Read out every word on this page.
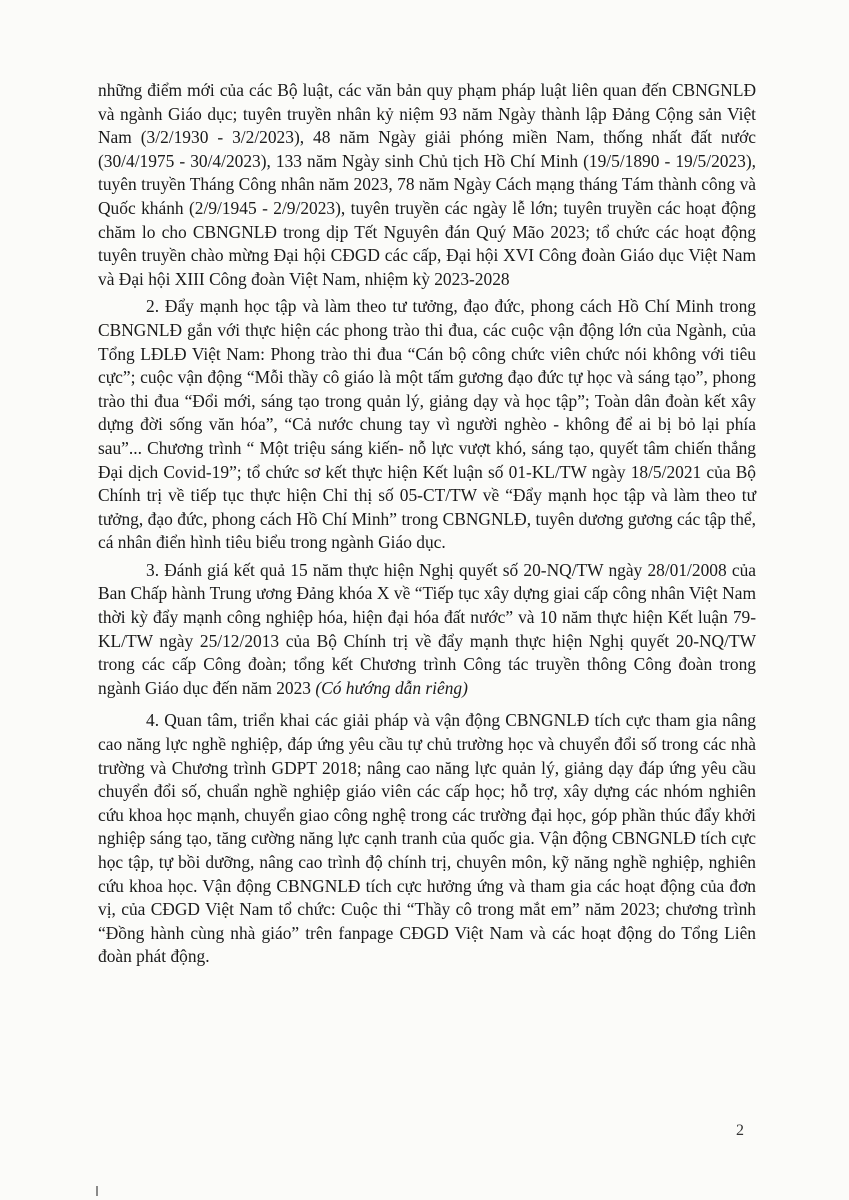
những điểm mới của các Bộ luật, các văn bản quy phạm pháp luật liên quan đến CBNGNLĐ và ngành Giáo dục; tuyên truyền nhân kỷ niệm 93 năm Ngày thành lập Đảng Cộng sản Việt Nam (3/2/1930 - 3/2/2023), 48 năm Ngày giải phóng miền Nam, thống nhất đất nước (30/4/1975 - 30/4/2023), 133 năm Ngày sinh Chủ tịch Hồ Chí Minh (19/5/1890 - 19/5/2023), tuyên truyền Tháng Công nhân năm 2023, 78 năm Ngày Cách mạng tháng Tám thành công và Quốc khánh (2/9/1945 - 2/9/2023), tuyên truyền các ngày lễ lớn; tuyên truyền các hoạt động chăm lo cho CBNGNLĐ trong dịp Tết Nguyên đán Quý Mão 2023; tổ chức các hoạt động tuyên truyền chào mừng Đại hội CĐGD các cấp, Đại hội XVI Công đoàn Giáo dục Việt Nam và Đại hội XIII Công đoàn Việt Nam, nhiệm kỳ 2023-2028

2. Đẩy mạnh học tập và làm theo tư tưởng, đạo đức, phong cách Hồ Chí Minh trong CBNGNLĐ gắn với thực hiện các phong trào thi đua, các cuộc vận động lớn của Ngành, của Tổng LĐLĐ Việt Nam: Phong trào thi đua “Cán bộ công chức viên chức nói không với tiêu cực”; cuộc vận động “Mỗi thầy cô giáo là một tấm gương đạo đức tự học và sáng tạo”, phong trào thi đua “Đổi mới, sáng tạo trong quản lý, giảng dạy và học tập”; Toàn dân đoàn kết xây dựng đời sống văn hóa”, “Cả nước chung tay vì người nghèo - không để ai bị bỏ lại phía sau”... Chương trình “ Một triệu sáng kiến- nỗ lực vượt khó, sáng tạo, quyết tâm chiến thắng Đại dịch Covid-19”; tổ chức sơ kết thực hiện Kết luận số 01-KL/TW ngày 18/5/2021 của Bộ Chính trị về tiếp tục thực hiện Chỉ thị số 05-CT/TW về “Đẩy mạnh học tập và làm theo tư tưởng, đạo đức, phong cách Hồ Chí Minh” trong CBNGNLĐ, tuyên dương gương các tập thể, cá nhân điển hình tiêu biểu trong ngành Giáo dục.

3. Đánh giá kết quả 15 năm thực hiện Nghị quyết số 20-NQ/TW ngày 28/01/2008 của Ban Chấp hành Trung ương Đảng khóa X về “Tiếp tục xây dựng giai cấp công nhân Việt Nam thời kỳ đẩy mạnh công nghiệp hóa, hiện đại hóa đất nước” và 10 năm thực hiện Kết luận 79-KL/TW ngày 25/12/2013 của Bộ Chính trị về đẩy mạnh thực hiện Nghị quyết 20-NQ/TW trong các cấp Công đoàn; tổng kết Chương trình Công tác truyền thông Công đoàn trong ngành Giáo dục đến năm 2023 (Có hướng dẫn riêng)

4. Quan tâm, triển khai các giải pháp và vận động CBNGNLĐ tích cực tham gia nâng cao năng lực nghề nghiệp, đáp ứng yêu cầu tự chủ trường học và chuyển đổi số trong các nhà trường và Chương trình GDPT 2018; nâng cao năng lực quản lý, giảng dạy đáp ứng yêu cầu chuyển đổi số, chuẩn nghề nghiệp giáo viên các cấp học; hỗ trợ, xây dựng các nhóm nghiên cứu khoa học mạnh, chuyển giao công nghệ trong các trường đại học, góp phần thúc đẩy khởi nghiệp sáng tạo, tăng cường năng lực cạnh tranh của quốc gia. Vận động CBNGNLĐ tích cực học tập, tự bồi dưỡng, nâng cao trình độ chính trị, chuyên môn, kỹ năng nghề nghiệp, nghiên cứu khoa học. Vận động CBNGNLĐ tích cực hưởng ứng và tham gia các hoạt động của đơn vị, của CĐGD Việt Nam tổ chức: Cuộc thi “Thầy cô trong mắt em” năm 2023; chương trình “Đồng hành cùng nhà giáo” trên fanpage CĐGD Việt Nam và các hoạt động do Tổng Liên đoàn phát động.

2
